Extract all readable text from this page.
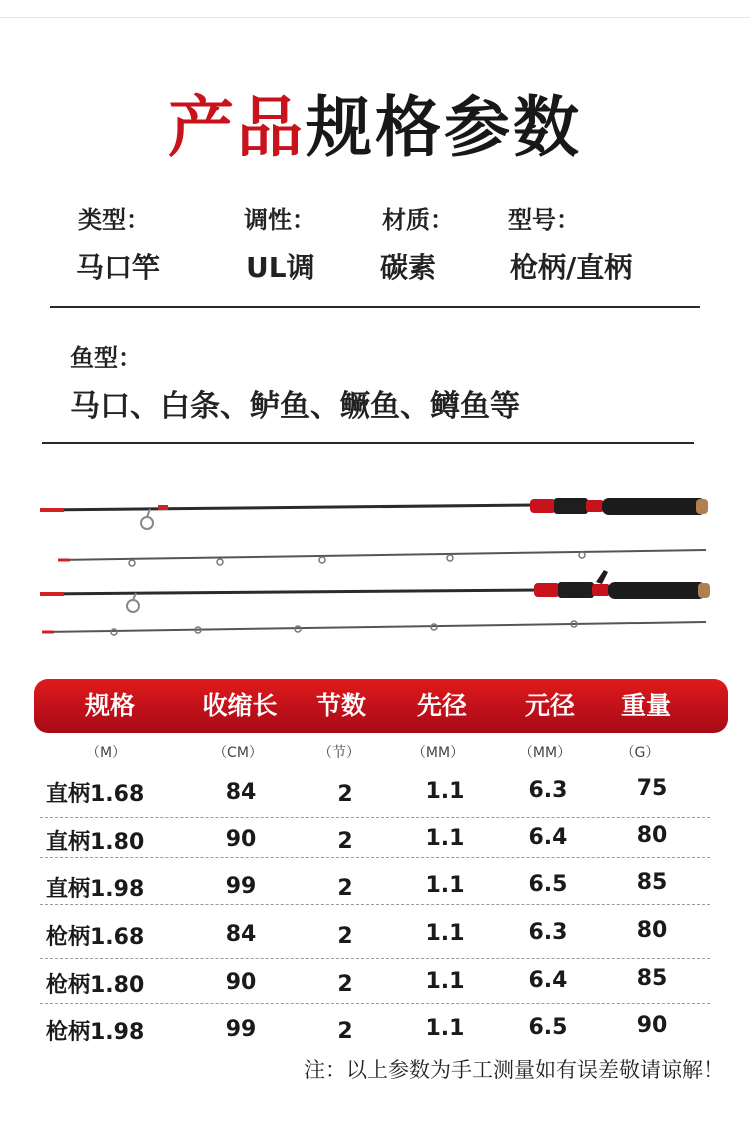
产品规格参数
类型：	调性：	材质： 型号：
马口竿	UL调 碳素	枪柄/直柄
鱼型：
马口、白条、鲈鱼、鳜鱼、鳟鱼等
规格	收缩长	节数	先径	元径	重量
（M）	（CM）	（节）	（MM）	（MM）	（G）
直柄1.68	84	2	1.1	6.3	75
直柄1.80	90	2	1.1	6.4	80
直柄1.98	99	2	1.1	6.5	85
枪柄1.68	84	2	1.1	6.3	80
枪柄1.80	90	2	1.1	6.4	85
枪柄1.98	99	2	1.1	6.5	90
注：以上参数为手工测量如有误差敬请谅解！
